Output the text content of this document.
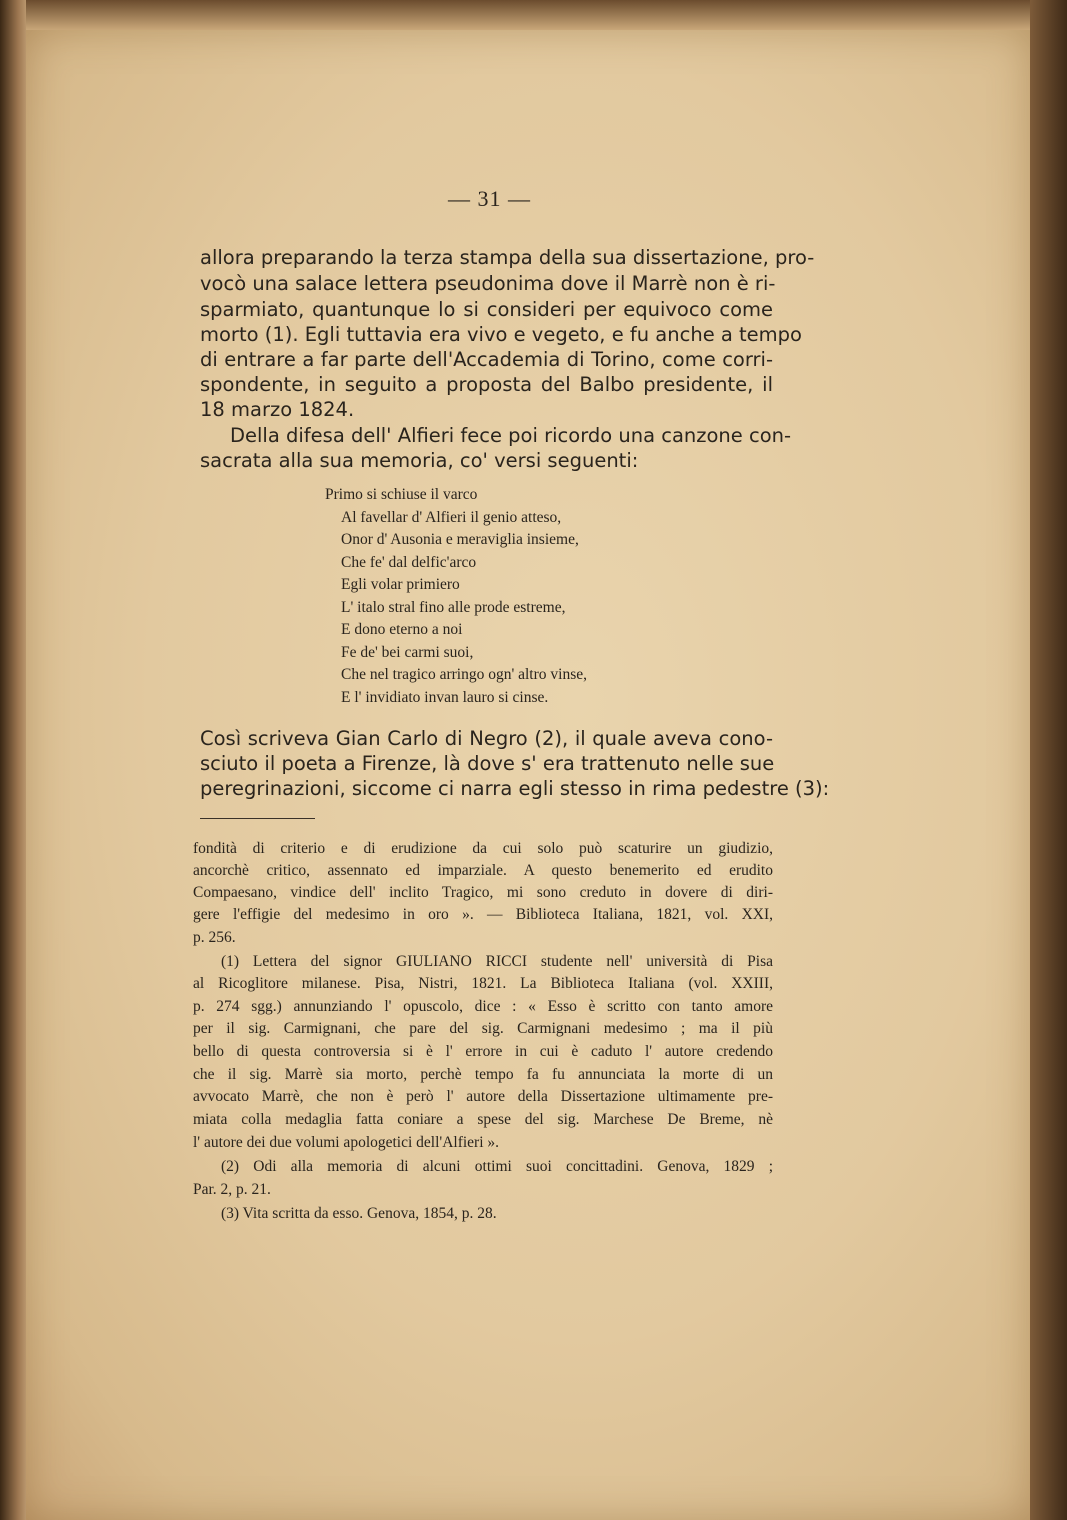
— 31 —
allora preparando la terza stampa della sua dissertazione, pro-
vocò una salace lettera pseudonima dove il Marrè non è ri-
sparmiato, quantunque lo si consideri per equivoco come
morto (1). Egli tuttavia era vivo e vegeto, e fu anche a tempo
di entrare a far parte dell'Accademia di Torino, come corri-
spondente, in seguito a proposta del Balbo presidente, il
18 marzo 1824.
Della difesa dell' Alfieri fece poi ricordo una canzone con-
sacrata alla sua memoria, co' versi seguenti:
Primo si schiuse il varco
Al favellar d' Alfieri il genio atteso,
Onor d' Ausonia e meraviglia insieme,
Che fe' dal delfic'arco
Egli volar primiero
L' italo stral fino alle prode estreme,
E dono eterno a noi
Fe de' bei carmi suoi,
Che nel tragico arringo ogn' altro vinse,
E l' invidiato invan lauro si cinse.
Così scriveva Gian Carlo di Negro (2), il quale aveva cono-
sciuto il poeta a Firenze, là dove s' era trattenuto nelle sue
peregrinazioni, siccome ci narra egli stesso in rima pedestre (3):
fondità di criterio e di erudizione da cui solo può scaturire un giudizio,
ancorchè critico, assennato ed imparziale. A questo benemerito ed erudito
Compaesano, vindice dell' inclito Tragico, mi sono creduto in dovere di diri-
gere l'effigie del medesimo in oro ». — Biblioteca Italiana, 1821, vol. XXI,
p. 256.
(1) Lettera del signor GIULIANO RICCI studente nell' università di Pisa
al Ricoglitore milanese. Pisa, Nistri, 1821. La Biblioteca Italiana (vol. XXIII,
p. 274 sgg.) annunziando l' opuscolo, dice : « Esso è scritto con tanto amore
per il sig. Carmignani, che pare del sig. Carmignani medesimo ; ma il più
bello di questa controversia si è l' errore in cui è caduto l' autore credendo
che il sig. Marrè sia morto, perchè tempo fa fu annunciata la morte di un
avvocato Marrè, che non è però l' autore della Dissertazione ultimamente pre-
miata colla medaglia fatta coniare a spese del sig. Marchese De Breme, nè
l' autore dei due volumi apologetici dell'Alfieri ».
(2) Odi alla memoria di alcuni ottimi suoi concittadini. Genova, 1829 ;
Par. 2, p. 21.
(3) Vita scritta da esso. Genova, 1854, p. 28.
